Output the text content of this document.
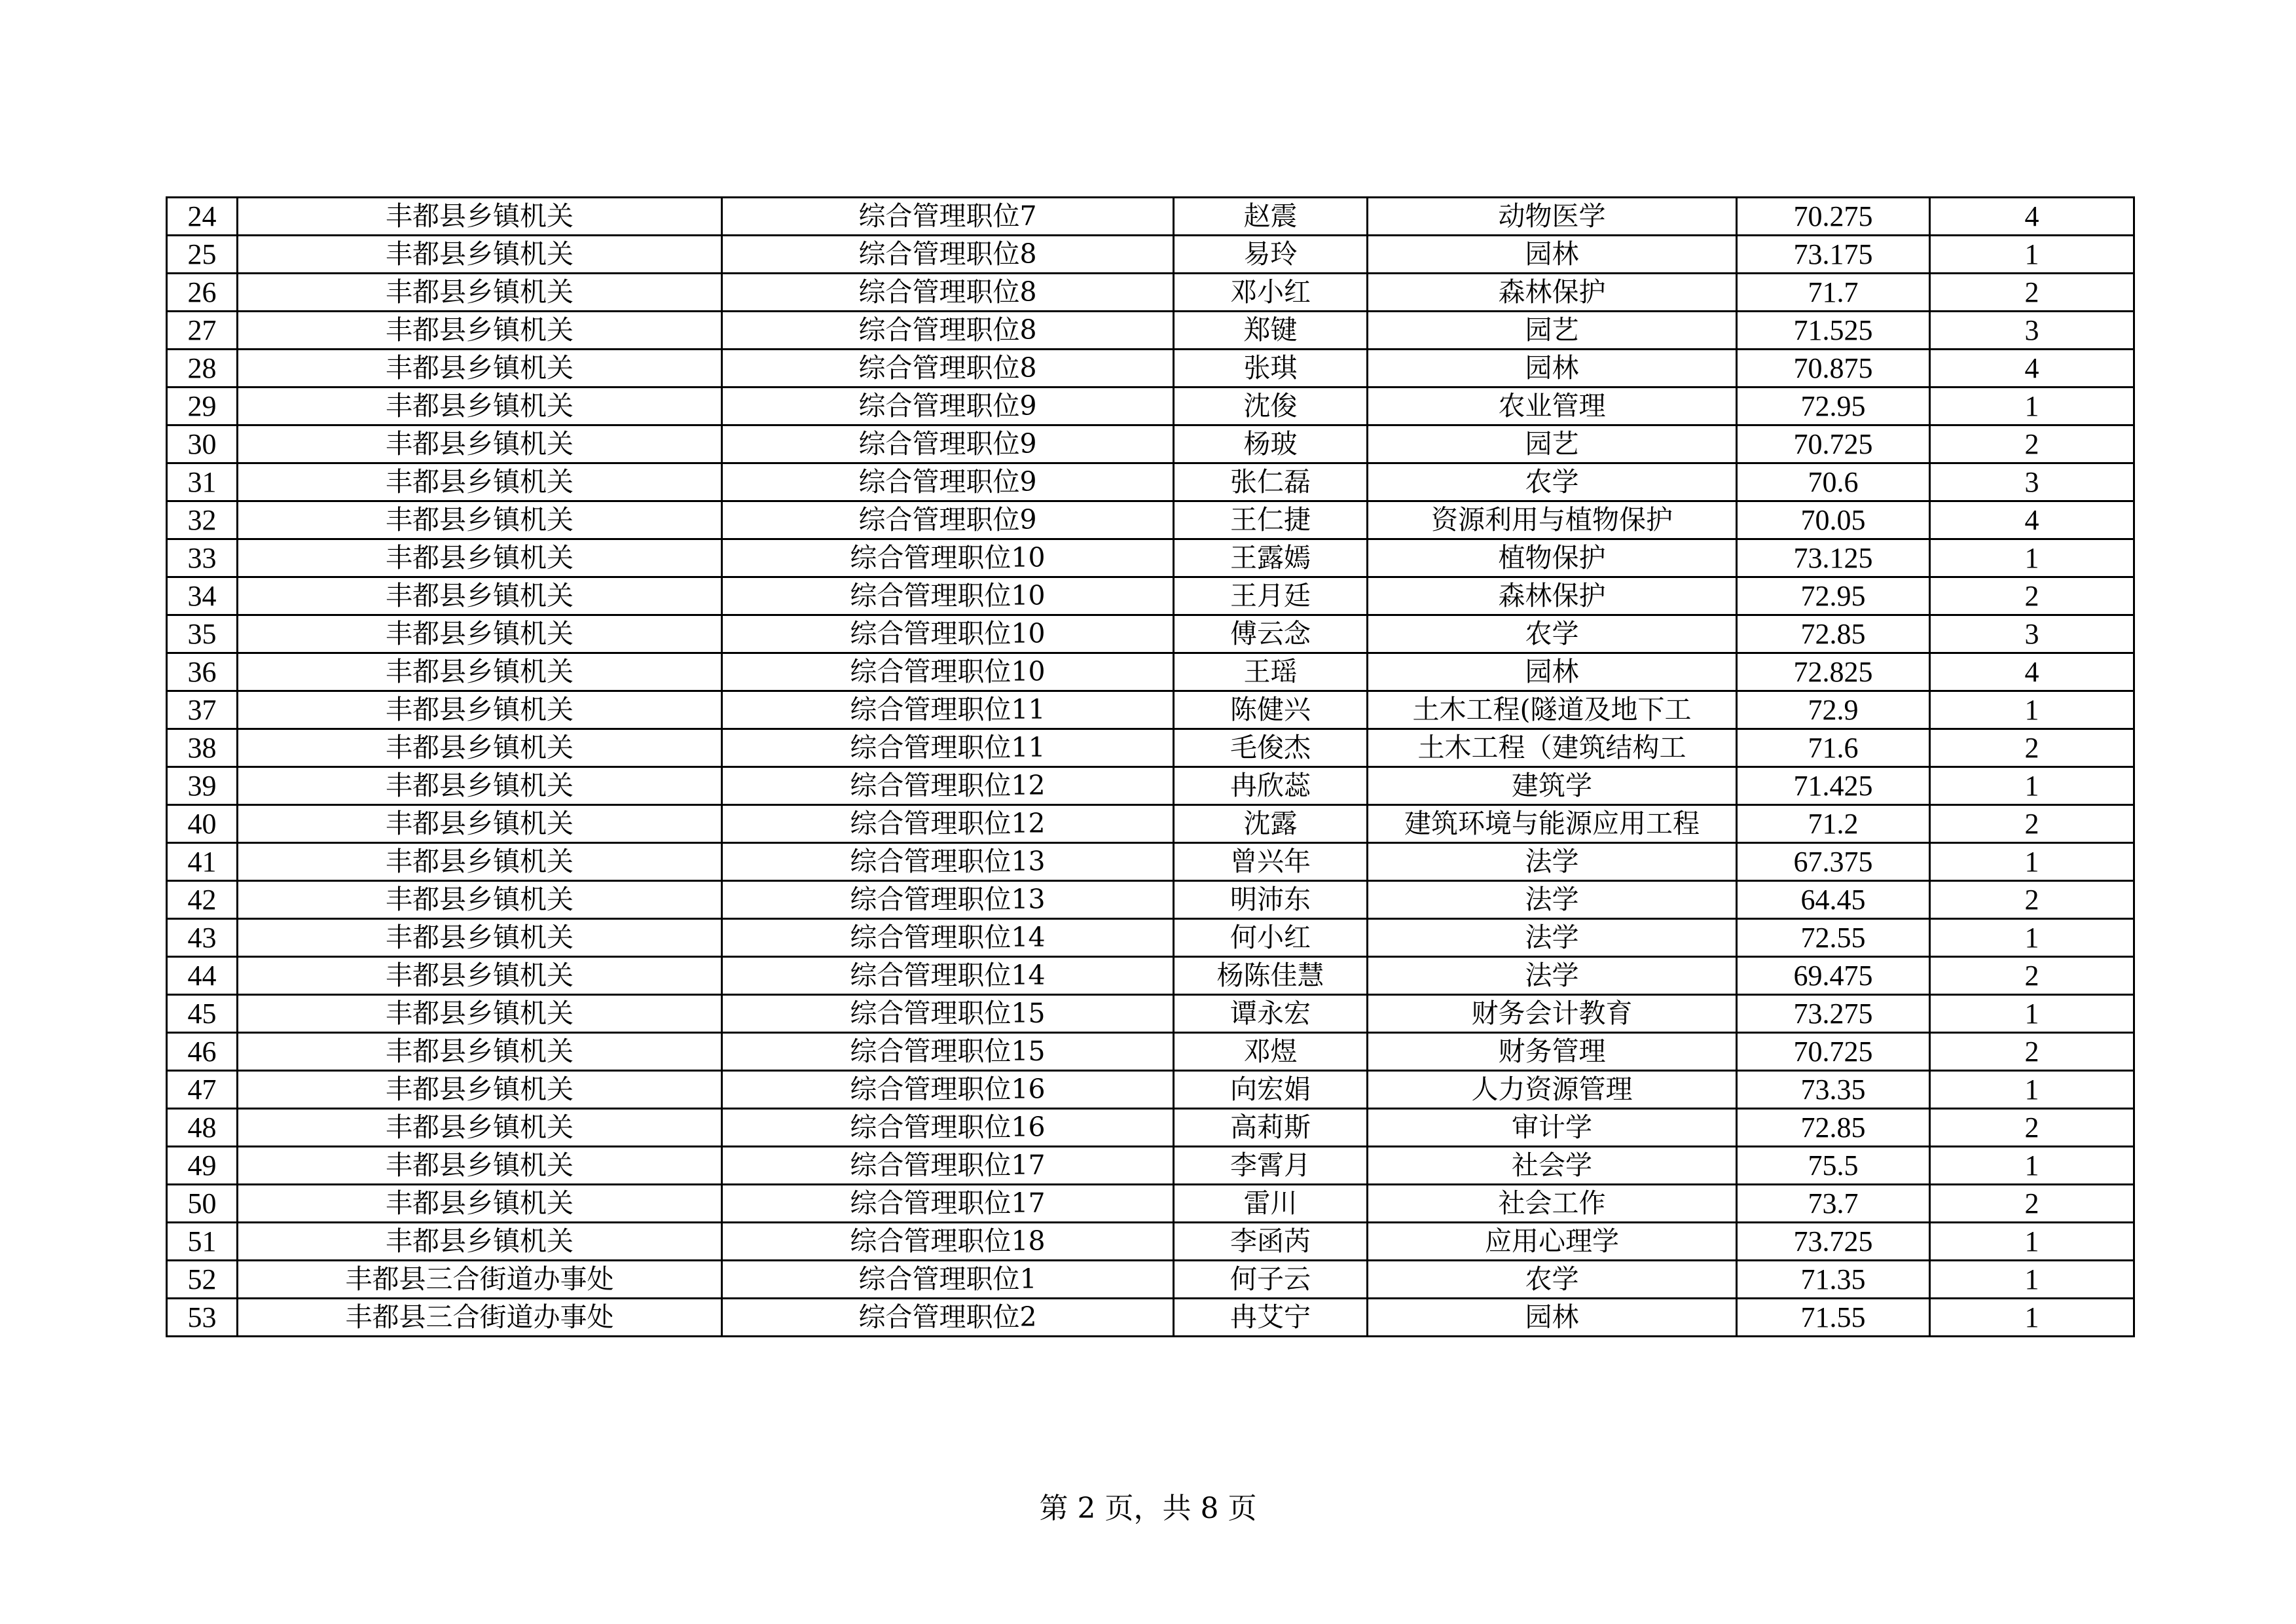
24	丰都县乡镇机关	综合管理职位7	赵震	动物医学	70.275	4
25	丰都县乡镇机关	综合管理职位8	易玲	园林	73.175	1
26	丰都县乡镇机关	综合管理职位8	邓小红	森林保护	71.7	2
27	丰都县乡镇机关	综合管理职位8	郑键	园艺	71.525	3
28	丰都县乡镇机关	综合管理职位8	张琪	园林	70.875	4
29	丰都县乡镇机关	综合管理职位9	沈俊	农业管理	72.95	1
30	丰都县乡镇机关	综合管理职位9	杨玻	园艺	70.725	2
31	丰都县乡镇机关	综合管理职位9	张仁磊	农学	70.6	3
32	丰都县乡镇机关	综合管理职位9	王仁捷	资源利用与植物保护	70.05	4
33	丰都县乡镇机关	综合管理职位10	王露嫣	植物保护	73.125	1
34	丰都县乡镇机关	综合管理职位10	王月廷	森林保护	72.95	2
35	丰都县乡镇机关	综合管理职位10	傅云念	农学	72.85	3
36	丰都县乡镇机关	综合管理职位10	王瑶	园林	72.825	4
37	丰都县乡镇机关	综合管理职位11	陈健兴	土木工程(隧道及地下工	72.9	1
38	丰都县乡镇机关	综合管理职位11	毛俊杰	土木工程（建筑结构工	71.6	2
39	丰都县乡镇机关	综合管理职位12	冉欣蕊	建筑学	71.425	1
40	丰都县乡镇机关	综合管理职位12	沈露	建筑环境与能源应用工程	71.2	2
41	丰都县乡镇机关	综合管理职位13	曾兴年	法学	67.375	1
42	丰都县乡镇机关	综合管理职位13	明沛东	法学	64.45	2
43	丰都县乡镇机关	综合管理职位14	何小红	法学	72.55	1
44	丰都县乡镇机关	综合管理职位14	杨陈佳慧	法学	69.475	2
45	丰都县乡镇机关	综合管理职位15	谭永宏	财务会计教育	73.275	1
46	丰都县乡镇机关	综合管理职位15	邓煜	财务管理	70.725	2
47	丰都县乡镇机关	综合管理职位16	向宏娟	人力资源管理	73.35	1
48	丰都县乡镇机关	综合管理职位16	高莉斯	审计学	72.85	2
49	丰都县乡镇机关	综合管理职位17	李霄月	社会学	75.5	1
50	丰都县乡镇机关	综合管理职位17	雷川	社会工作	73.7	2
51	丰都县乡镇机关	综合管理职位18	李函芮	应用心理学	73.725	1
52	丰都县三合街道办事处	综合管理职位1	何子云	农学	71.35	1
53	丰都县三合街道办事处	综合管理职位2	冉艾宁	园林	71.55	1
第 2 页，共 8 页
